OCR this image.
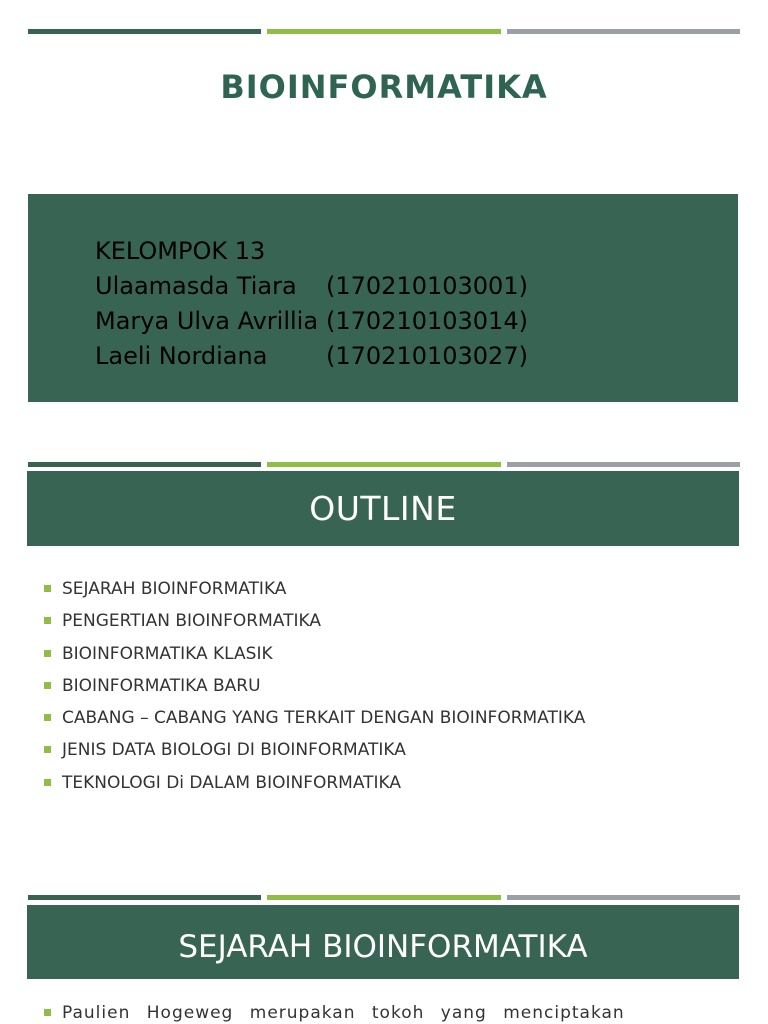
BIOINFORMATIKA
KELOMPOK 13
Ulaamasda Tiara (170210103001)
Marya Ulva Avrillia (170210103014)
Laeli Nordiana (170210103027)
OUTLINE
SEJARAH BIOINFORMATIKA
PENGERTIAN BIOINFORMATIKA
BIOINFORMATIKA KLASIK
BIOINFORMATIKA BARU
CABANG – CABANG YANG TERKAIT DENGAN BIOINFORMATIKA
JENIS DATA BIOLOGI DI BIOINFORMATIKA
TEKNOLOGI Di DALAM BIOINFORMATIKA
SEJARAH BIOINFORMATIKA
Paulien Hogeweg merupakan tokoh yang menciptakan
